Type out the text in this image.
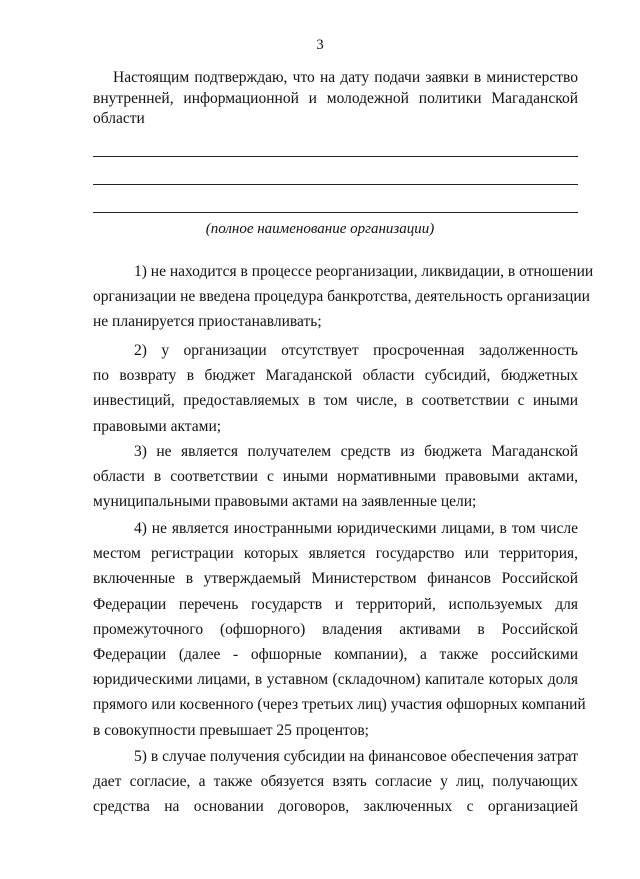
3
Настоящим подтверждаю, что на дату подачи заявки в министерство
внутренней, информационной и молодежной политики Магаданской
области
(полное наименование организации)
1) не находится в процессе реорганизации, ликвидации, в отношении
организации не введена процедура банкротства, деятельность организации
не планируется приостанавливать;
2) у организации отсутствует просроченная задолженность
по возврату в бюджет Магаданской области субсидий, бюджетных
инвестиций, предоставляемых в том числе, в соответствии с иными
правовыми актами;
3) не является получателем средств из бюджета Магаданской
области в соответствии с иными нормативными правовыми актами,
муниципальными правовыми актами на заявленные цели;
4) не является иностранными юридическими лицами, в том числе
местом регистрации которых является государство или территория,
включенные в утверждаемый Министерством финансов Российской
Федерации перечень государств и территорий, используемых для
промежуточного (офшорного) владения активами в Российской
Федерации (далее - офшорные компании), а также российскими
юридическими лицами, в уставном (складочном) капитале которых доля
прямого или косвенного (через третьих лиц) участия офшорных компаний
в совокупности превышает 25 процентов;
5) в случае получения субсидии на финансовое обеспечения затрат
дает согласие, а также обязуется взять согласие у лиц, получающих
средства на основании договоров, заключенных с организацией
